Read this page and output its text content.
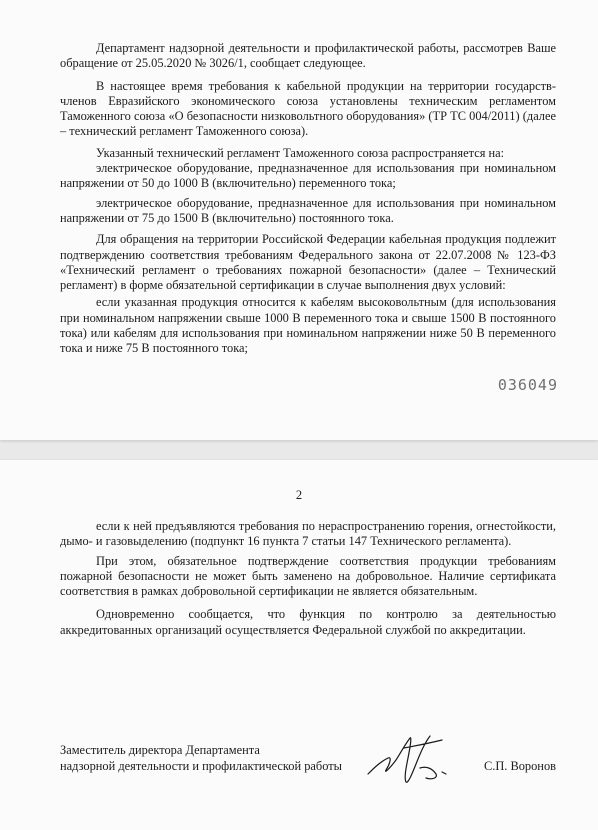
Департамент надзорной деятельности и профилактической работы, рассмотрев Ваше обращение от 25.05.2020 № 3026/1, сообщает следующее.

В настоящее время требования к кабельной продукции на территории государств-членов Евразийского экономического союза установлены техническим регламентом Таможенного союза «О безопасности низковольтного оборудования» (ТР ТС 004/2011) (далее – технический регламент Таможенного союза).

Указанный технический регламент Таможенного союза распространяется на:

электрическое оборудование, предназначенное для использования при номинальном напряжении от 50 до 1000 В (включительно) переменного тока;

электрическое оборудование, предназначенное для использования при номинальном напряжении от 75 до 1500 В (включительно) постоянного тока.

Для обращения на территории Российской Федерации кабельная продукция подлежит подтверждению соответствия требованиям Федерального закона от 22.07.2008 № 123-ФЗ «Технический регламент о требованиях пожарной безопасности» (далее – Технический регламент) в форме обязательной сертификации в случае выполнения двух условий:

если указанная продукция относится к кабелям высоковольтным (для использования при номинальном напряжении свыше 1000 В переменного тока и свыше 1500 В постоянного тока) или кабелям для использования при номинальном напряжении ниже 50 В переменного тока и ниже 75 В постоянного тока;

036049
2

если к ней предъявляются требования по нераспространению горения, огнестойкости, дымо- и газовыделению (подпункт 16 пункта 7 статьи 147 Технического регламента).

При этом, обязательное подтверждение соответствия продукции требованиям пожарной безопасности не может быть заменено на добровольное. Наличие сертификата соответствия в рамках добровольной сертификации не является обязательным.

Одновременно сообщается, что функция по контролю за деятельностью аккредитованных организаций осуществляется Федеральной службой по аккредитации.

Заместитель директора Департамента

надзорной деятельности и профилактической работы	С.П. Воронов
